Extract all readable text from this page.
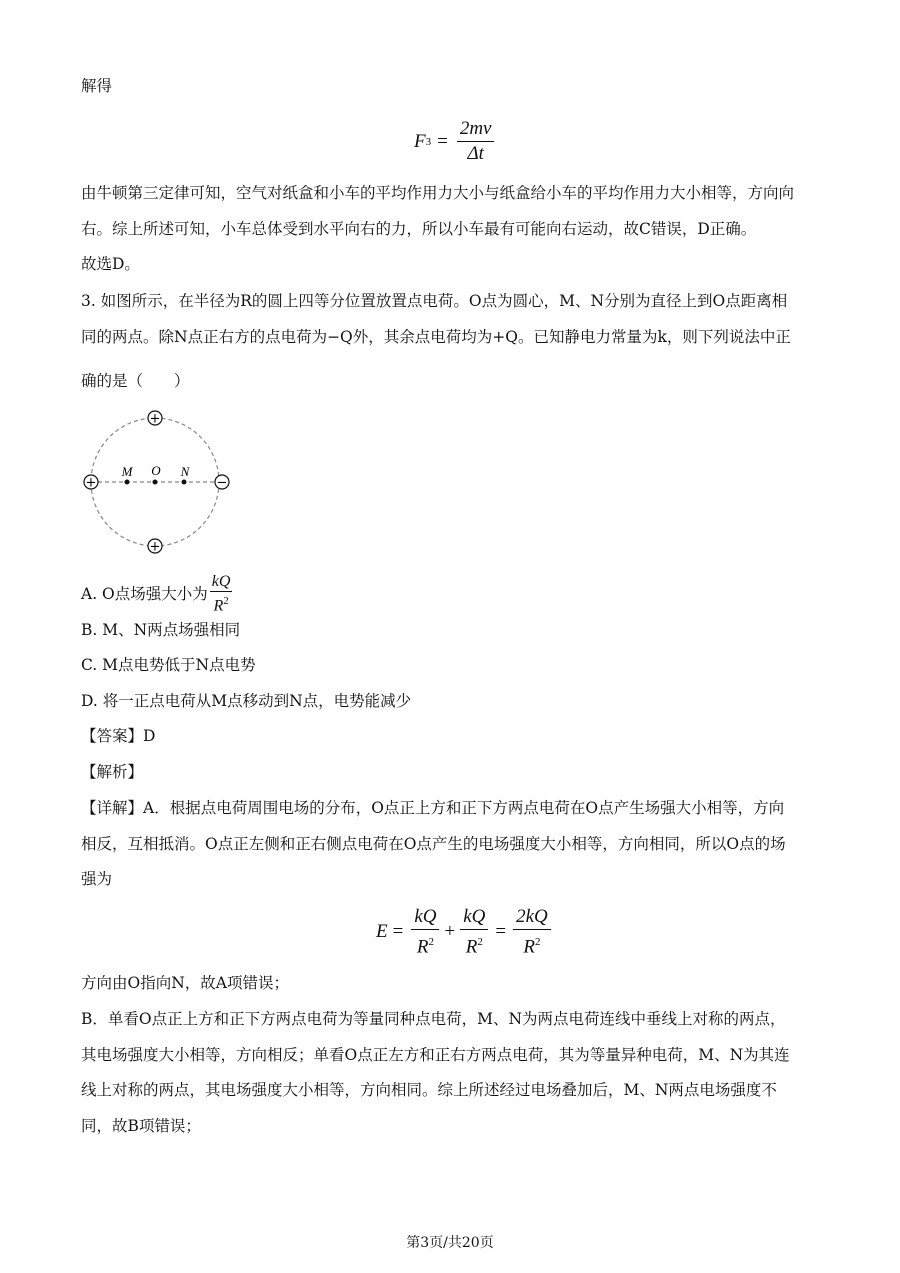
解得
F $3 = \frac{2mv}{\Delta t}$
由牛顿第三定律可知，空气对纸盒和小车的平均作用力大小与纸盒给小车的平均作用力大小相等，方向向
右。综上所述可知，小车总体受到水平向右的力，所以小车最有可能向右运动，故C错误，D正确。
故选D。
3. 如图所示，在半径为R的圆上四等分位置放置点电荷。O点为圆心，M、N分别为直径上到O点距离相
同的两点。除N点正右方的点电荷为−Q外，其余点电荷均为+Q。已知静电力常量为k，则下列说法中正
确的是（　　）
+
+
+	−
M O N
A. O点场强大小为 $\frac{kQ}{R^2}$
B. M、N两点场强相同
C. M点电势低于N点电势
D. 将一正点电荷从M点移动到N点，电势能减少
【答案】D
【解析】
【详解】A．根据点电荷周围电场的分布，O点正上方和正下方两点电荷在O点产生场强大小相等，方向
相反，互相抵消。O点正左侧和正右侧点电荷在O点产生的电场强度大小相等，方向相同，所以O点的场
强为
$E = \frac{kQ}{R^2} + \frac{kQ}{R^2} = \frac{2kQ}{R^2}$
方向由O指向N，故A项错误；
B．单看O点正上方和正下方两点电荷为等量同种点电荷，M、N为两点电荷连线中垂线上对称的两点，
其电场强度大小相等，方向相反；单看O点正左方和正右方两点电荷，其为等量异种电荷，M、N为其连
线上对称的两点，其电场强度大小相等，方向相同。综上所述经过电场叠加后，M、N两点电场强度不
同，故B项错误；
第3页/共20页
